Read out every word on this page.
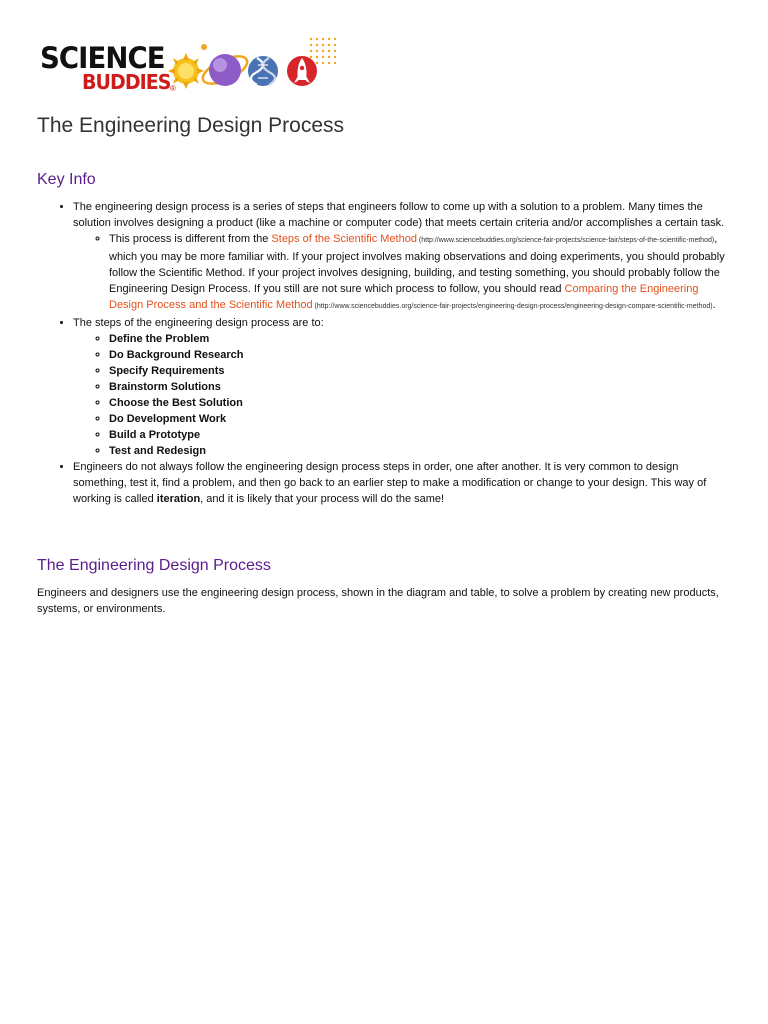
SCIENCE
BUDDIES ®
The Engineering Design Process
Key Info
• The engineering design process is a series of steps that engineers follow to come up with a solution to a problem. Many times the solution involves designing a product (like a machine or computer code) that meets certain criteria and/or accomplishes a certain task.
◦ This process is different from the Steps of the Scientific Method (http://www.sciencebuddies.org/science-fair-projects/science-fair/steps-of-the-scientific-method), which you may be more familiar with. If your project involves making observations and doing experiments, you should probably follow the Scientific Method. If your project involves designing, building, and testing something, you should probably follow the Engineering Design Process. If you still are not sure which process to follow, you should read Comparing the Engineering Design Process and the Scientific Method (http://www.sciencebuddies.org/science-fair-projects/engineering-design-process/engineering-design-compare-scientific-method).
• The steps of the engineering design process are to:
◦ Define the Problem
◦ Do Background Research
◦ Specify Requirements
◦ Brainstorm Solutions
◦ Choose the Best Solution
◦ Do Development Work
◦ Build a Prototype
◦ Test and Redesign
• Engineers do not always follow the engineering design process steps in order, one after another. It is very common to design something, test it, find a problem, and then go back to an earlier step to make a modification or change to your design. This way of working is called iteration, and it is likely that your process will do the same!
The Engineering Design Process

Engineers and designers use the engineering design process, shown in the diagram and table, to solve a problem by creating new products, systems, or environments.
